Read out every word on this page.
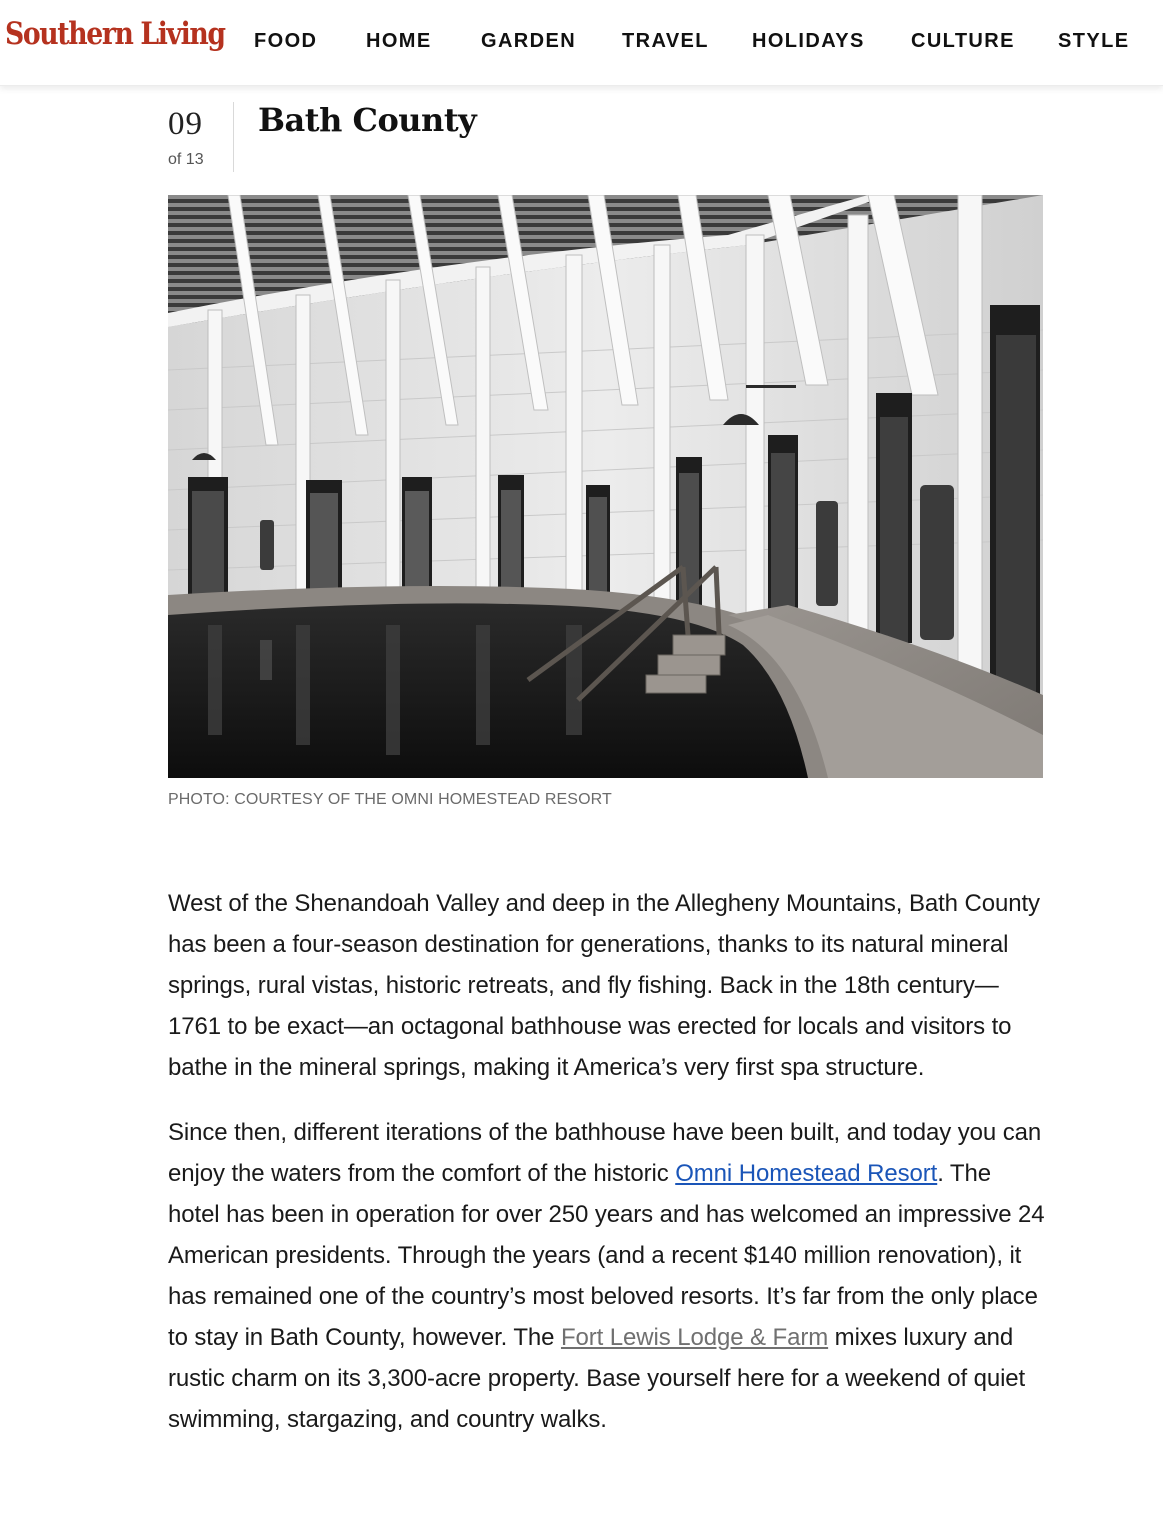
Southern Living FOOD HOME GARDEN TRAVEL HOLIDAYS CULTURE STYLE
09
of 13
Bath County
PHOTO: COURTESY OF THE OMNI HOMESTEAD RESORT

West of the Shenandoah Valley and deep in the Allegheny Mountains, Bath County has been a four-season destination for generations, thanks to its natural mineral springs, rural vistas, historic retreats, and fly fishing. Back in the 18th century—1761 to be exact—an octagonal bathhouse was erected for locals and visitors to bathe in the mineral springs, making it America’s very first spa structure.

Since then, different iterations of the bathhouse have been built, and today you can enjoy the waters from the comfort of the historic Omni Homestead Resort. The hotel has been in operation for over 250 years and has welcomed an impressive 24 American presidents. Through the years (and a recent $140 million renovation), it has remained one of the country’s most beloved resorts. It’s far from the only place to stay in Bath County, however. The Fort Lewis Lodge & Farm mixes luxury and rustic charm on its 3,300-acre property. Base yourself here for a weekend of quiet swimming, stargazing, and country walks.
